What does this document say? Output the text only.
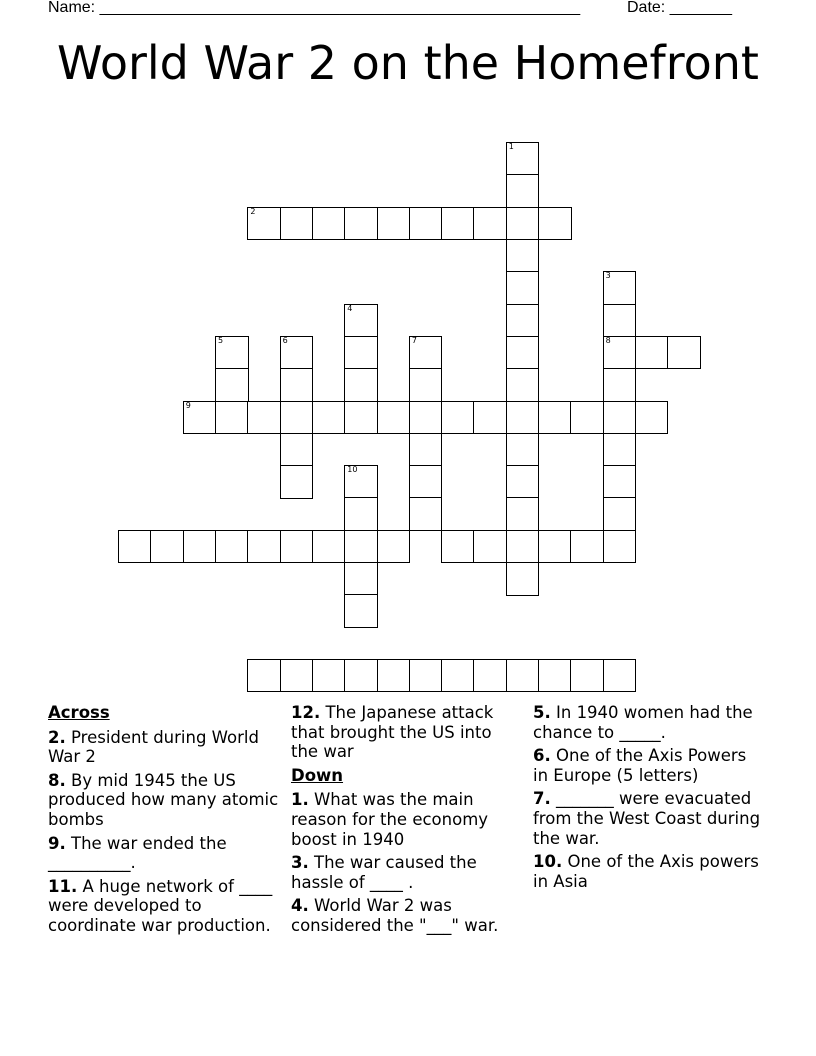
Name: ______________________________________________________	Date: _______
World War 2 on the Homefront
1
2
3
8
4
5	6	7
9
10
Across
2. President during World War 2
8. By mid 1945 the US produced how many atomic bombs
9. The war ended the __________.
11. A huge network of ____ were developed to coordinate war production.
12. The Japanese attack that brought the US into the war
Down
1. What was the main reason for the economy boost in 1940
3. The war caused the hassle of ____ .
4. World War 2 was considered the "___" war.
5. In 1940 women had the chance to _____.
6. One of the Axis Powers in Europe (5 letters)
7. _______ were evacuated from the West Coast during the war.
10. One of the Axis powers in Asia
